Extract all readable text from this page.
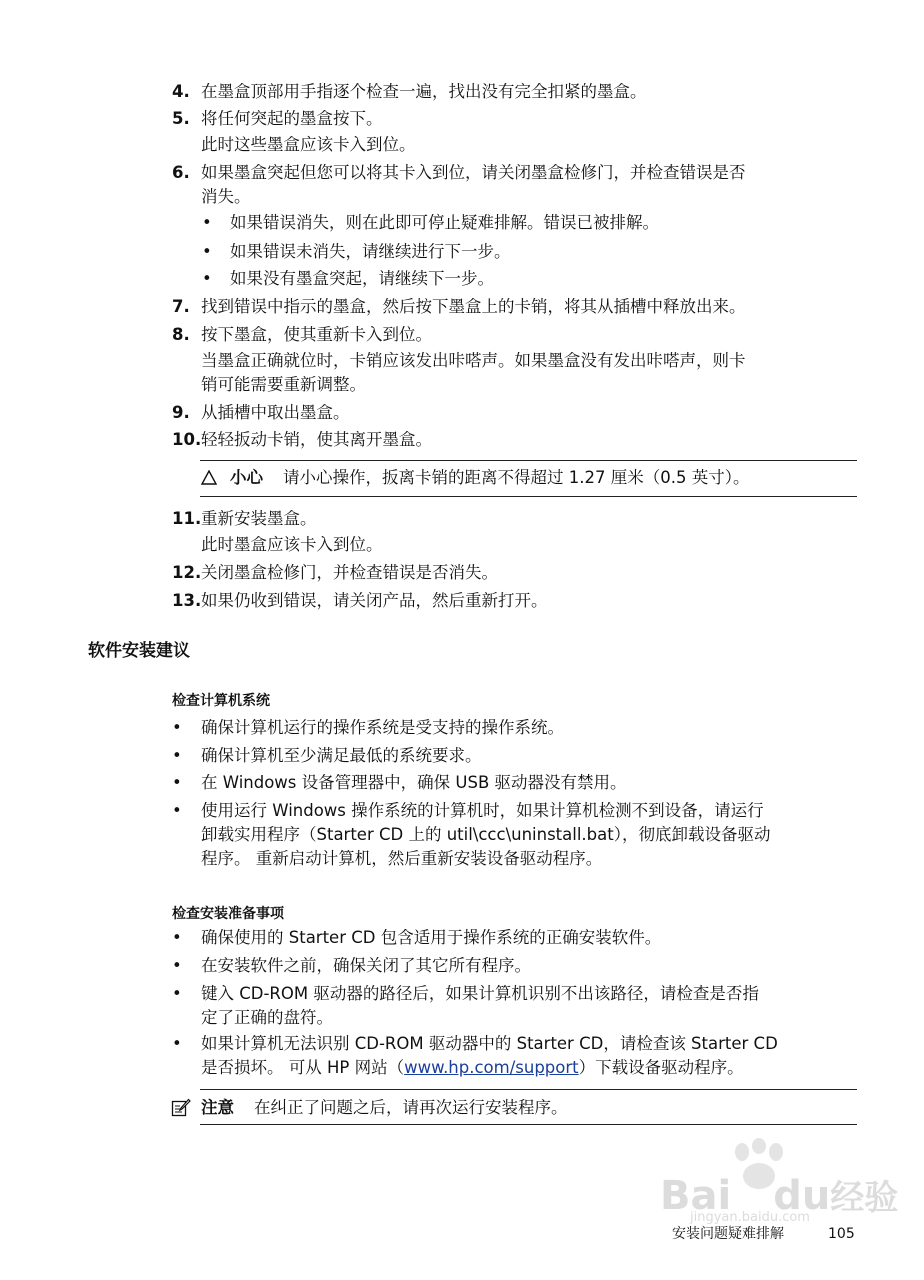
4. 在墨盒顶部用手指逐个检查一遍，找出没有完全扣紧的墨盒。
5. 将任何突起的墨盒按下。
此时这些墨盒应该卡入到位。
6. 如果墨盒突起但您可以将其卡入到位，请关闭墨盒检修门，并检查错误是否
消失。
• 如果错误消失，则在此即可停止疑难排解。错误已被排解。
• 如果错误未消失，请继续进行下一步。
• 如果没有墨盒突起，请继续下一步。
7. 找到错误中指示的墨盒，然后按下墨盒上的卡销，将其从插槽中释放出来。
8. 按下墨盒，使其重新卡入到位。
当墨盒正确就位时，卡销应该发出咔嗒声。如果墨盒没有发出咔嗒声，则卡
销可能需要重新调整。
9. 从插槽中取出墨盒。
10. 轻轻扳动卡销，使其离开墨盒。
小心 请小心操作，扳离卡销的距离不得超过 1.27 厘米（0.5 英寸）。
11. 重新安装墨盒。
此时墨盒应该卡入到位。
12. 关闭墨盒检修门，并检查错误是否消失。
13. 如果仍收到错误，请关闭产品，然后重新打开。
软件安装建议
检查计算机系统
• 确保计算机运行的操作系统是受支持的操作系统。
• 确保计算机至少满足最低的系统要求。
• 在 Windows 设备管理器中，确保 USB 驱动器没有禁用。
• 使用运行 Windows 操作系统的计算机时，如果计算机检测不到设备，请运行
卸载实用程序（Starter CD 上的 util\ccc\uninstall.bat），彻底卸载设备驱动
程序。 重新启动计算机，然后重新安装设备驱动程序。
检查安装准备事项
• 确保使用的 Starter CD 包含适用于操作系统的正确安装软件。
• 在安装软件之前，确保关闭了其它所有程序。
• 键入 CD-ROM 驱动器的路径后，如果计算机识别不出该路径，请检查是否指
定了正确的盘符。
• 如果计算机无法识别 CD-ROM 驱动器中的 Starter CD，请检查该 Starter CD
是否损坏。 可从 HP 网站（www.hp.com/support）下载设备驱动程序。
注意 在纠正了问题之后，请再次运行安装程序。
Bai du经验
jingyan.baidu.com
安装问题疑难排解	105
